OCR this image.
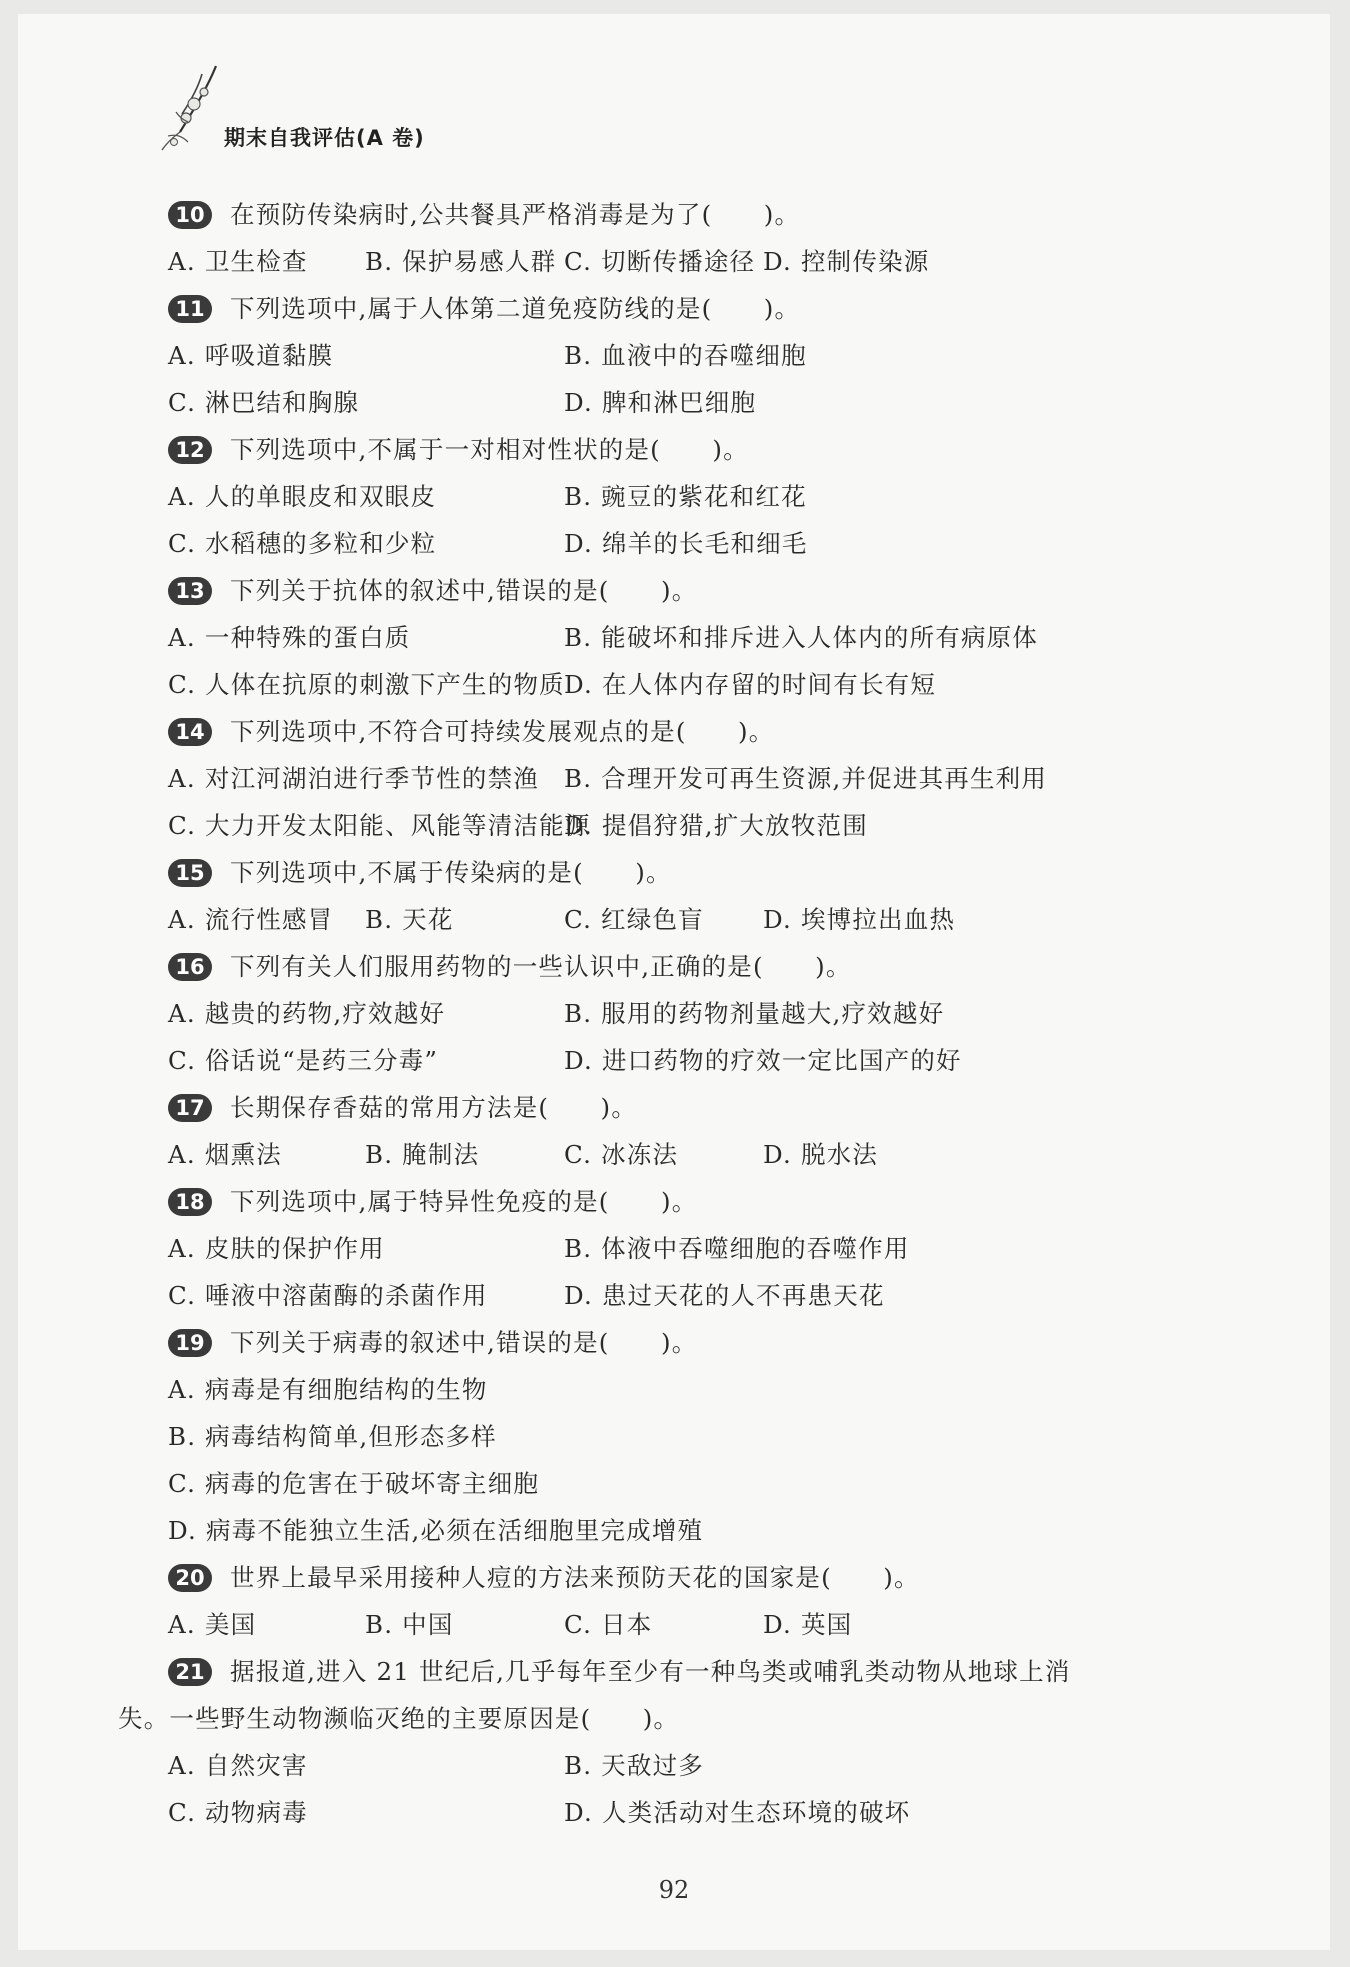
期末自我评估(A 卷)
10	在预防传染病时,公共餐具严格消毒是为了(　　)。
A. 卫生检查 B. 保护易感人群 C. 切断传播途径 D. 控制传染源
11	下列选项中,属于人体第二道免疫防线的是(　　)。
A. 呼吸道黏膜	B. 血液中的吞噬细胞
C. 淋巴结和胸腺	D. 脾和淋巴细胞
12	下列选项中,不属于一对相对性状的是(　　)。
A. 人的单眼皮和双眼皮	B. 豌豆的紫花和红花
C. 水稻穗的多粒和少粒	D. 绵羊的长毛和细毛
13	下列关于抗体的叙述中,错误的是(　　)。
A. 一种特殊的蛋白质	B. 能破坏和排斥进入人体内的所有病原体
C. 人体在抗原的刺激下产生的物质 D. 在人体内存留的时间有长有短
14	下列选项中,不符合可持续发展观点的是(　　)。
A. 对江河湖泊进行季节性的禁渔 B. 合理开发可再生资源,并促进其再生利用
C. 大力开发太阳能、风能等清洁能源
D. 提倡狩猎,扩大放牧范围
15	下列选项中,不属于传染病的是(　　)。
A. 流行性感冒 B. 天花	C. 红绿色盲 D. 埃博拉出血热
16	下列有关人们服用药物的一些认识中,正确的是(　　)。
A. 越贵的药物,疗效越好	B. 服用的药物剂量越大,疗效越好
C. 俗话说“是药三分毒”	D. 进口药物的疗效一定比国产的好
17	长期保存香菇的常用方法是(　　)。
A. 烟熏法	B. 腌制法	C. 冰冻法	D. 脱水法
18	下列选项中,属于特异性免疫的是(　　)。
A. 皮肤的保护作用	B. 体液中吞噬细胞的吞噬作用
C. 唾液中溶菌酶的杀菌作用	D. 患过天花的人不再患天花
19	下列关于病毒的叙述中,错误的是(　　)。
A. 病毒是有细胞结构的生物
B. 病毒结构简单,但形态多样
C. 病毒的危害在于破坏寄主细胞
D. 病毒不能独立生活,必须在活细胞里完成增殖
20	世界上最早采用接种人痘的方法来预防天花的国家是(　　)。
A. 美国	B. 中国	C. 日本	D. 英国
21	据报道,进入 21 世纪后,几乎每年至少有一种鸟类或哺乳类动物从地球上消
失。一些野生动物濒临灭绝的主要原因是(　　)。
A. 自然灾害	B. 天敌过多
C. 动物病毒	D. 人类活动对生态环境的破坏
92
